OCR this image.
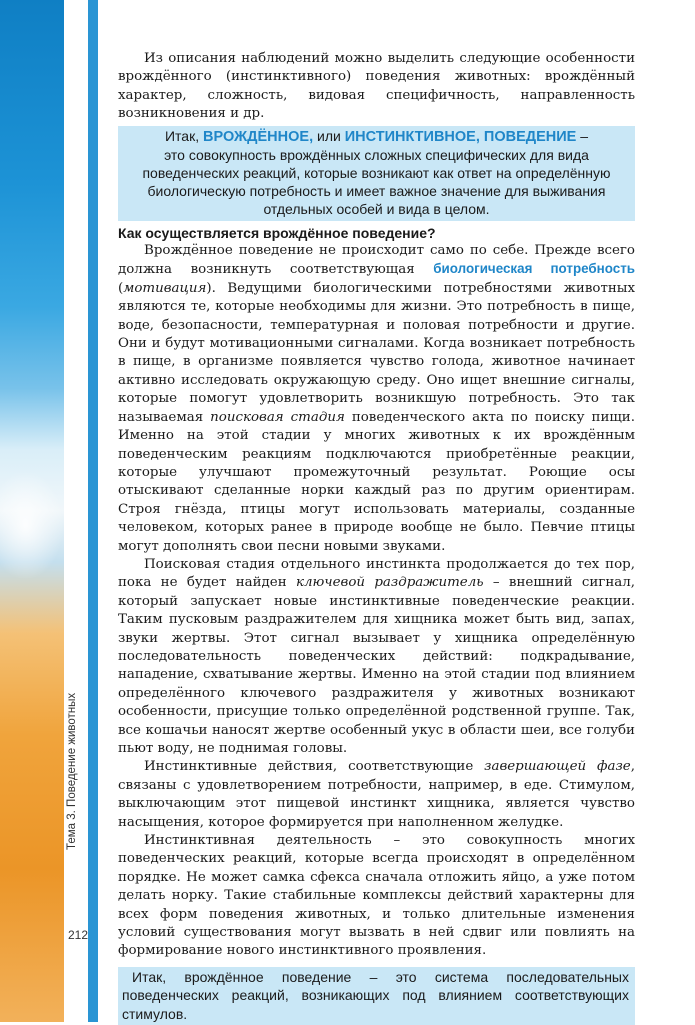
Тема 3. Поведение животных
212

Из описания наблюдений можно выделить следующие особенности врождённого (инстинктивного) поведения животных: врождённый характер, сложность, видовая специфичность, направленность возникновения и др.

Итак, ВРОЖДЁННОЕ, или ИНСТИНКТИВНОЕ, ПОВЕДЕНИЕ –
это совокупность врождённых сложных специфических для вида поведенческих реакций, которые возникают как ответ на определённую биологическую потребность и имеет важное значение для выживания отдельных особей и вида в целом.
Как осуществляется врождённое поведение?

Врождённое поведение не происходит само по себе. Прежде всего должна возникнуть соответствующая биологическая потребность (мотивация). Ведущими биологическими потребностями животных являются те, которые необходимы для жизни. Это потребность в пище, воде, безопасности, температурная и половая потребности и другие. Они и будут мотивационными сигналами. Когда возникает потребность в пище, в организме появляется чувство голода, животное начинает активно исследовать окружающую среду. Оно ищет внешние сигналы, которые помогут удовлетворить возникшую потребность. Это так называемая поисковая стадия поведенческого акта по поиску пищи. Именно на этой стадии у многих животных к их врождённым поведенческим реакциям подключаются приобретённые реакции, которые улучшают промежуточный результат. Роющие осы отыскивают сделанные норки каждый раз по другим ориентирам. Строя гнёзда, птицы могут использовать материалы, созданные человеком, которых ранее в природе вообще не было. Певчие птицы могут дополнять свои песни новыми звуками.

Поисковая стадия отдельного инстинкта продолжается до тех пор, пока не будет найден ключевой раздражитель – внешний сигнал, который запускает новые инстинктивные поведенческие реакции. Таким пусковым раздражителем для хищника может быть вид, запах, звуки жертвы. Этот сигнал вызывает у хищника определённую последовательность поведенческих действий: подкрадывание, нападение, схватывание жертвы. Именно на этой стадии под влиянием определённого ключевого раздражителя у животных возникают особенности, присущие только определённой родственной группе. Так, все кошачьи наносят жертве особенный укус в области шеи, все голуби пьют воду, не поднимая головы.

Инстинктивные действия, соответствующие завершающей фазе, связаны с удовлетворением потребности, например, в еде. Стимулом, выключающим этот пищевой инстинкт хищника, является чувство насыщения, которое формируется при наполненном желудке.

Инстинктивная деятельность – это совокупность многих поведенческих реакций, которые всегда происходят в определённом порядке. Не может самка сфекса сначала отложить яйцо, а уже потом делать норку. Такие стабильные комплексы действий характерны для всех форм поведения животных, и только длительные изменения условий существования могут вызвать в ней сдвиг или повлиять на формирование нового инстинктивного проявления.

Итак, врождённое поведение – это система последовательных поведенческих реакций, возникающих под влиянием соответствующих стимулов.
